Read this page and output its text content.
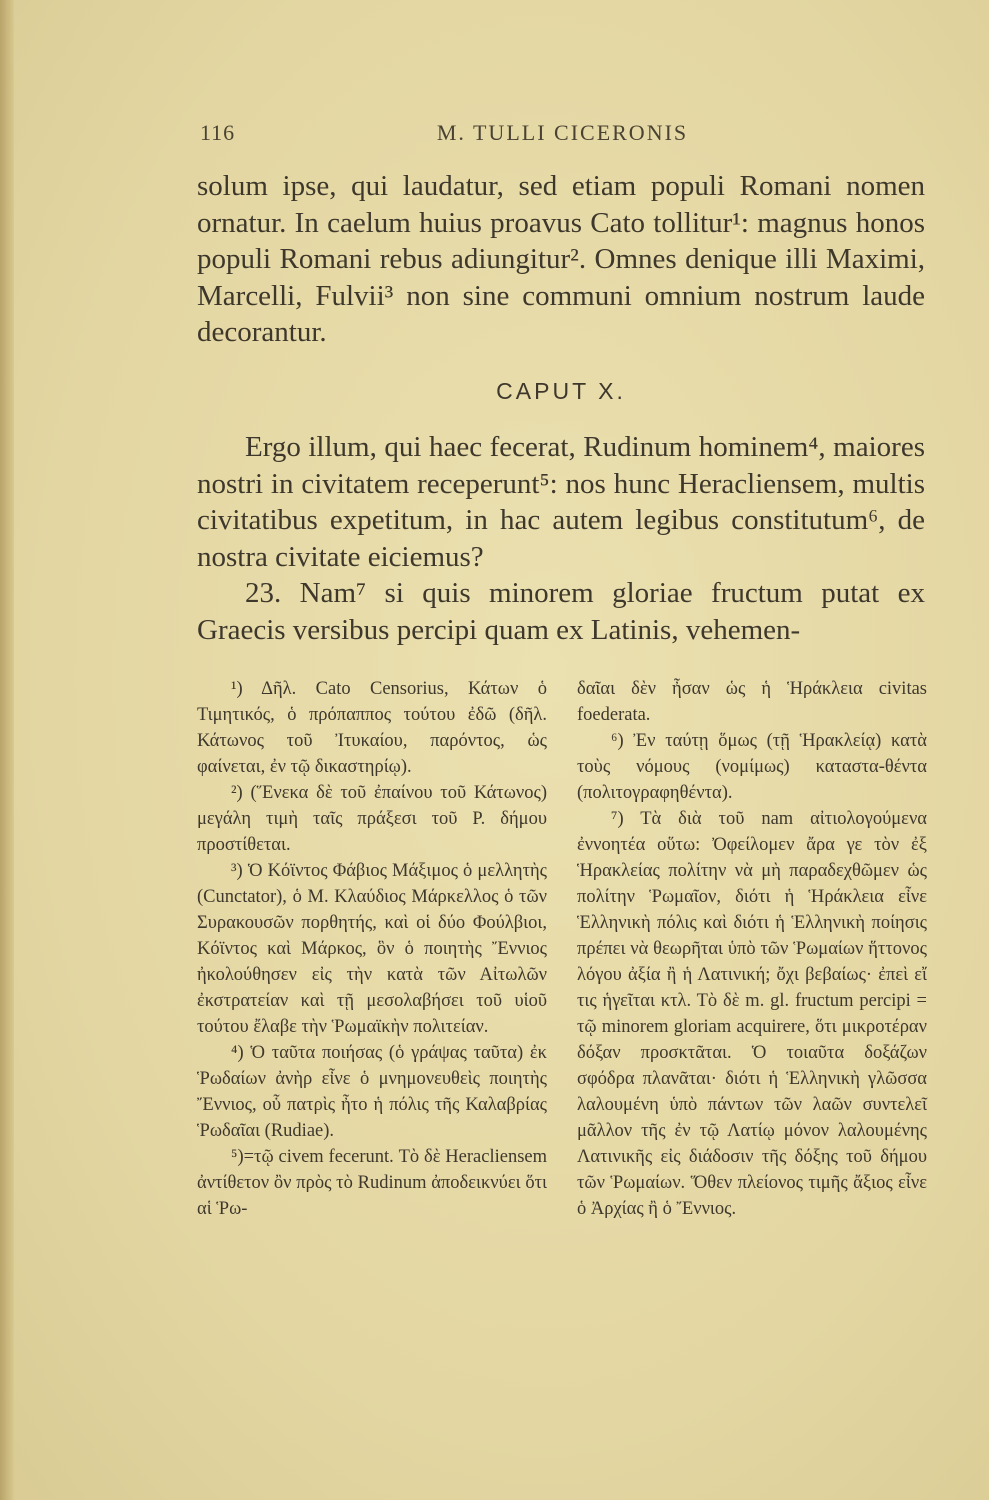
116	M. TULLI CICERONIS

solum ipse, qui laudatur, sed etiam populi Romani nomen ornatur. In caelum huius proavus Cato tollitur¹: magnus honos populi Romani rebus adiungitur². Omnes denique illi Maximi, Marcelli, Fulvii³ non sine communi omnium nostrum laude decorantur.

CAPUT X.

Ergo illum, qui haec fecerat, Rudinum hominem⁴, maiores nostri in civitatem receperunt⁵: nos hunc Heracliensem, multis civitatibus expetitum, in hac autem legibus constitutum⁶, de nostra civitate eiciemus?

23. Nam⁷ si quis minorem gloriae fructum putat ex Graecis versibus percipi quam ex Latinis, vehemen-

¹) Δῆλ. Cato Censorius, Κάτων ὁ Τιμητικός, ὁ πρόπαππος τούτου ἐδῶ (δῆλ. Κάτωνος τοῦ Ἰτυκαίου, παρόντος, ὡς φαίνεται, ἐν τῷ δικαστηρίῳ).

²) (Ἕνεκα δὲ τοῦ ἐπαίνου τοῦ Κάτωνος) μεγάλη τιμὴ ταῖς πράξεσι τοῦ Ρ. δήμου προστίθεται.

³) Ὁ Κόϊντος Φάβιος Μάξιμος ὁ μελλητὴς (Cunctator), ὁ Μ. Κλαύδιος Μάρκελλος ὁ τῶν Συρακουσῶν πορθητής, καὶ οἱ δύο Φούλβιοι, Κόϊντος καὶ Μάρκος, ὃν ὁ ποιητὴς Ἔννιος ἠκολούθησεν εἰς τὴν κατὰ τῶν Αἰτωλῶν ἐκστρατείαν καὶ τῇ μεσολαβήσει τοῦ υἱοῦ τούτου ἔλαβε τὴν Ῥωμαϊκὴν πολιτείαν.

⁴) Ὁ ταῦτα ποιήσας (ὁ γράψας ταῦτα) ἐκ Ῥωδαίων ἀνὴρ εἶνε ὁ μνημονευθεὶς ποιητὴς Ἔννιος, οὗ πατρὶς ἦτο ἡ πόλις τῆς Καλαβρίας Ῥωδαῖαι (Rudiae).

⁵)=τῷ civem fecerunt. Τὸ δὲ Heracliensem ἀντίθετον ὂν πρὸς τὸ Rudinum ἀποδεικνύει ὅτι αἱ Ῥω-

δαῖαι δὲν ἦσαν ὡς ἡ Ἡράκλεια civitas foederata.

⁶) Ἐν ταύτῃ ὅμως (τῇ Ἡρακλείᾳ) κατὰ τοὺς νόμους (νομίμως) καταστα-θέντα (πολιτογραφηθέντα).

⁷) Τὰ διὰ τοῦ nam αἰτιολογούμενα ἐννοητέα οὕτω: Ὀφείλομεν ἄρα γε τὸν ἐξ Ἡρακλείας πολίτην νὰ μὴ παραδεχθῶμεν ὡς πολίτην Ῥωμαῖον, διότι ἡ Ἡράκλεια εἶνε Ἑλληνικὴ πόλις καὶ διότι ἡ Ἑλληνικὴ ποίησις πρέπει νὰ θεωρῆται ὑπὸ τῶν Ῥωμαίων ἥττονος λόγου ἀξία ἢ ἡ Λατινική; ὄχι βεβαίως· ἐπεὶ εἴ τις ἡγεῖται κτλ. Τὸ δὲ m. gl. fructum percipi = τῷ minorem gloriam acquirere, ὅτι μικροτέραν δόξαν προσκτᾶται. Ὁ τοιαῦτα δοξάζων σφόδρα πλανᾶται· διότι ἡ Ἑλληνικὴ γλῶσσα λαλουμένη ὑπὸ πάντων τῶν λαῶν συντελεῖ μᾶλλον τῆς ἐν τῷ Λατίῳ μόνον λαλουμένης Λατινικῆς εἰς διάδοσιν τῆς δόξης τοῦ δήμου τῶν Ῥωμαίων. Ὅθεν πλείονος τιμῆς ἄξιος εἶνε ὁ Ἀρχίας ἢ ὁ Ἔννιος.
